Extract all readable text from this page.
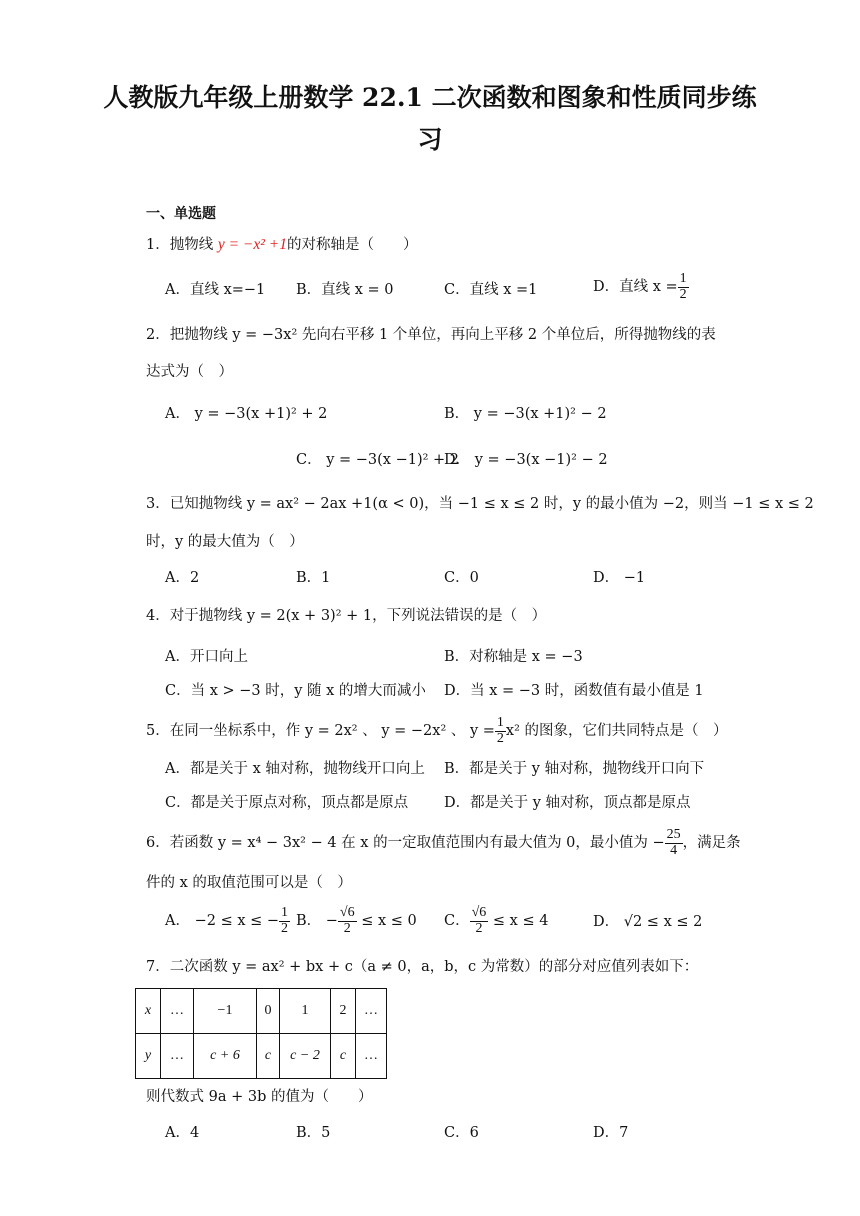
人教版九年级上册数学 22.1 二次函数和图象和性质同步练
习
一、单选题
1．抛物线 y = −x² +1的对称轴是（　　）
A．直线 x=−1 B．直线 x = 0	C．直线 x =1	D．直线 $x = \frac{1}{2}$
2．把抛物线 y = −3x² 先向右平移 1 个单位，再向上平移 2 个单位后，所得抛物线的表
达式为（　）
A． y = −3(x +1)² + 2	B． y = −3(x +1)² − 2
C． y = −3(x −1)² + 2
D． y = −3(x −1)² − 2
3．已知抛物线 y = ax² − 2ax +1(α < 0)，当 −1 ≤ x ≤ 2 时，y 的最小值为 −2，则当 −1 ≤ x ≤ 2
时，y 的最大值为（　）
A．2	B．1	C．0	D． −1
4．对于抛物线 y = 2(x + 3)² + 1，下列说法错误的是（　）
A．开口向上	B．对称轴是 x = −3
C．当 x > −3 时，y 随 x 的增大而减小 D．当 x = −3 时，函数值有最小值是 1
5．在同一坐标系中，作 y = 2x² 、 y = −2x² 、 $y = \frac{1}{2} x^2$ 的图象，它们共同特点是（　）
A．都是关于 x 轴对称，抛物线开口向上 B．都是关于 y 轴对称，抛物线开口向下
C．都是关于原点对称，顶点都是原点 D．都是关于 y 轴对称，顶点都是原点
6．若函数 y = x⁴ − 3x² − 4 在 x 的一定取值范围内有最大值为 0，最小值为 − $\frac{25}{4}$ ，满足条
件的 x 的取值范围可以是（　）
A． −2 ≤ x ≤ − $\frac{1}{2}$ B． − $\frac{√6}{2} \le x \le 0$ C． $\frac{√6}{2} \le x \le 4$	D． √2 ≤ x ≤ 2
7．二次函数 y = ax² + bx + c（a ≠ 0，a，b，c 为常数）的部分对应值列表如下：
x	…	−1	0	1	2	…
y	…	c + 6	c	c − 2	c	…
则代数式 9a + 3b 的值为（　　）
A．4	B．5	C．6	D．7
